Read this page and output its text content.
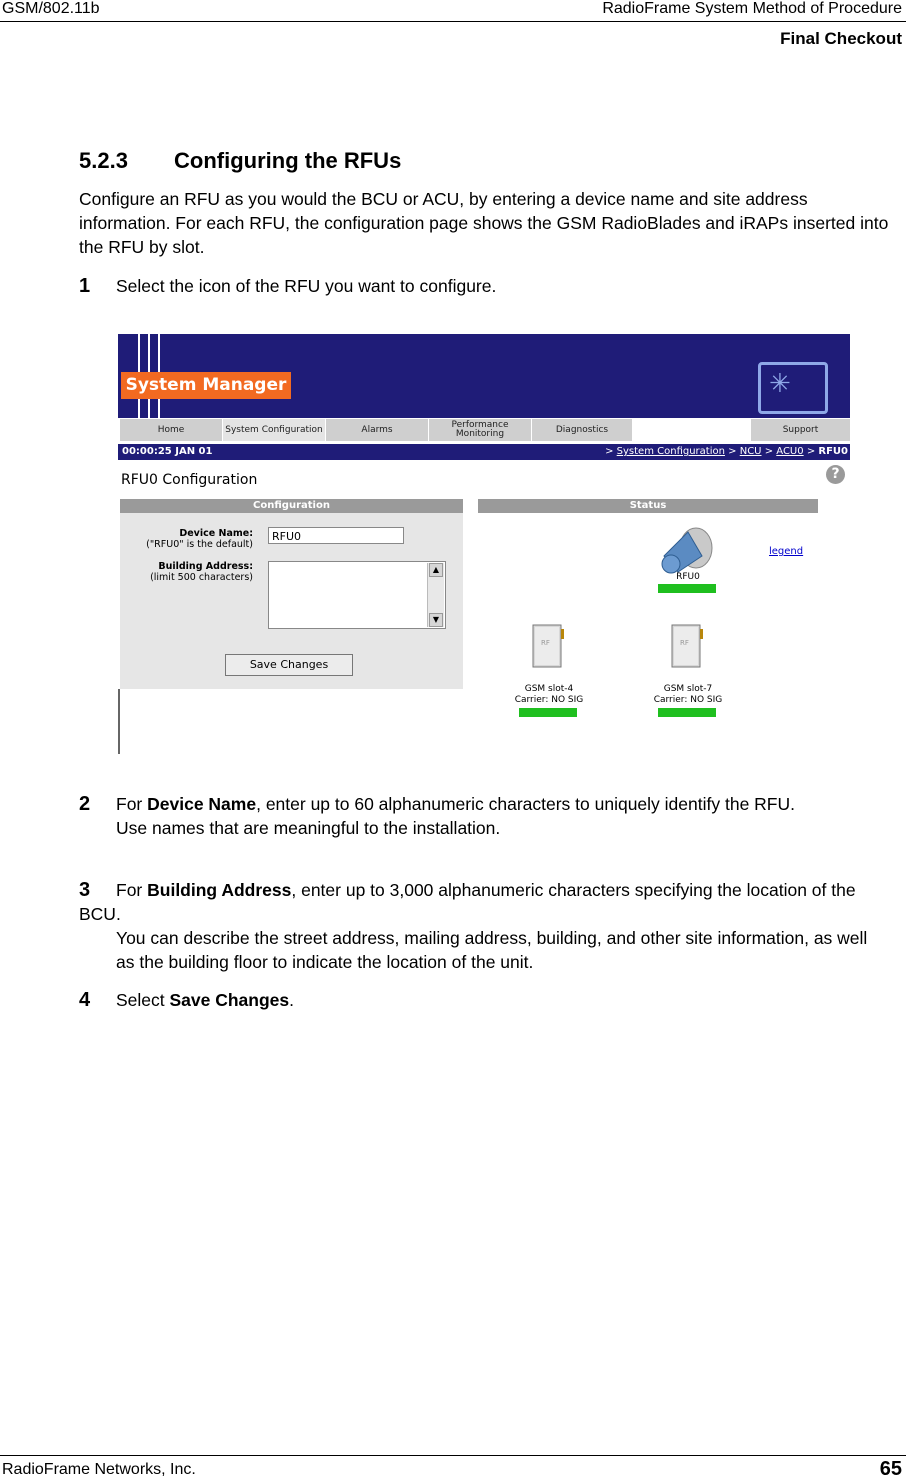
GSM/802.11b	RadioFrame System Method of Procedure
Final Checkout
5.2.3 Configuring the RFUs
Configure an RFU as you would the BCU or ACU, by entering a device name and site address information. For each RFU, the configuration page shows the GSM RadioBlades and iRAPs inserted into the RFU by slot.
1 Select the icon of the RFU you want to configure.
System Manager	✳
Home	System Configuration	Alarms	Performance Monitoring	Diagnostics	Support
00:00:25 JAN 01	> System Configuration > NCU > ACU0 > RFU0
RFU0 Configuration	?
Configuration
Device Name:
("RFU0" is the default)
RFU0
Building Address:
(limit 500 characters)
▲
▼
Save Changes
Status
legend
RFU0
RF
GSM slot-4
Carrier: NO SIG
RF
GSM slot-7
Carrier: NO SIG
2 For Device Name, enter up to 60 alphanumeric characters to uniquely identify the RFU.
Use names that are meaningful to the installation.
3 For Building Address, enter up to 3,000 alphanumeric characters specifying the location of the BCU.
You can describe the street address, mailing address, building, and other site information, as well as the building floor to indicate the location of the unit.
4 Select Save Changes.
RadioFrame Networks, Inc.	65
